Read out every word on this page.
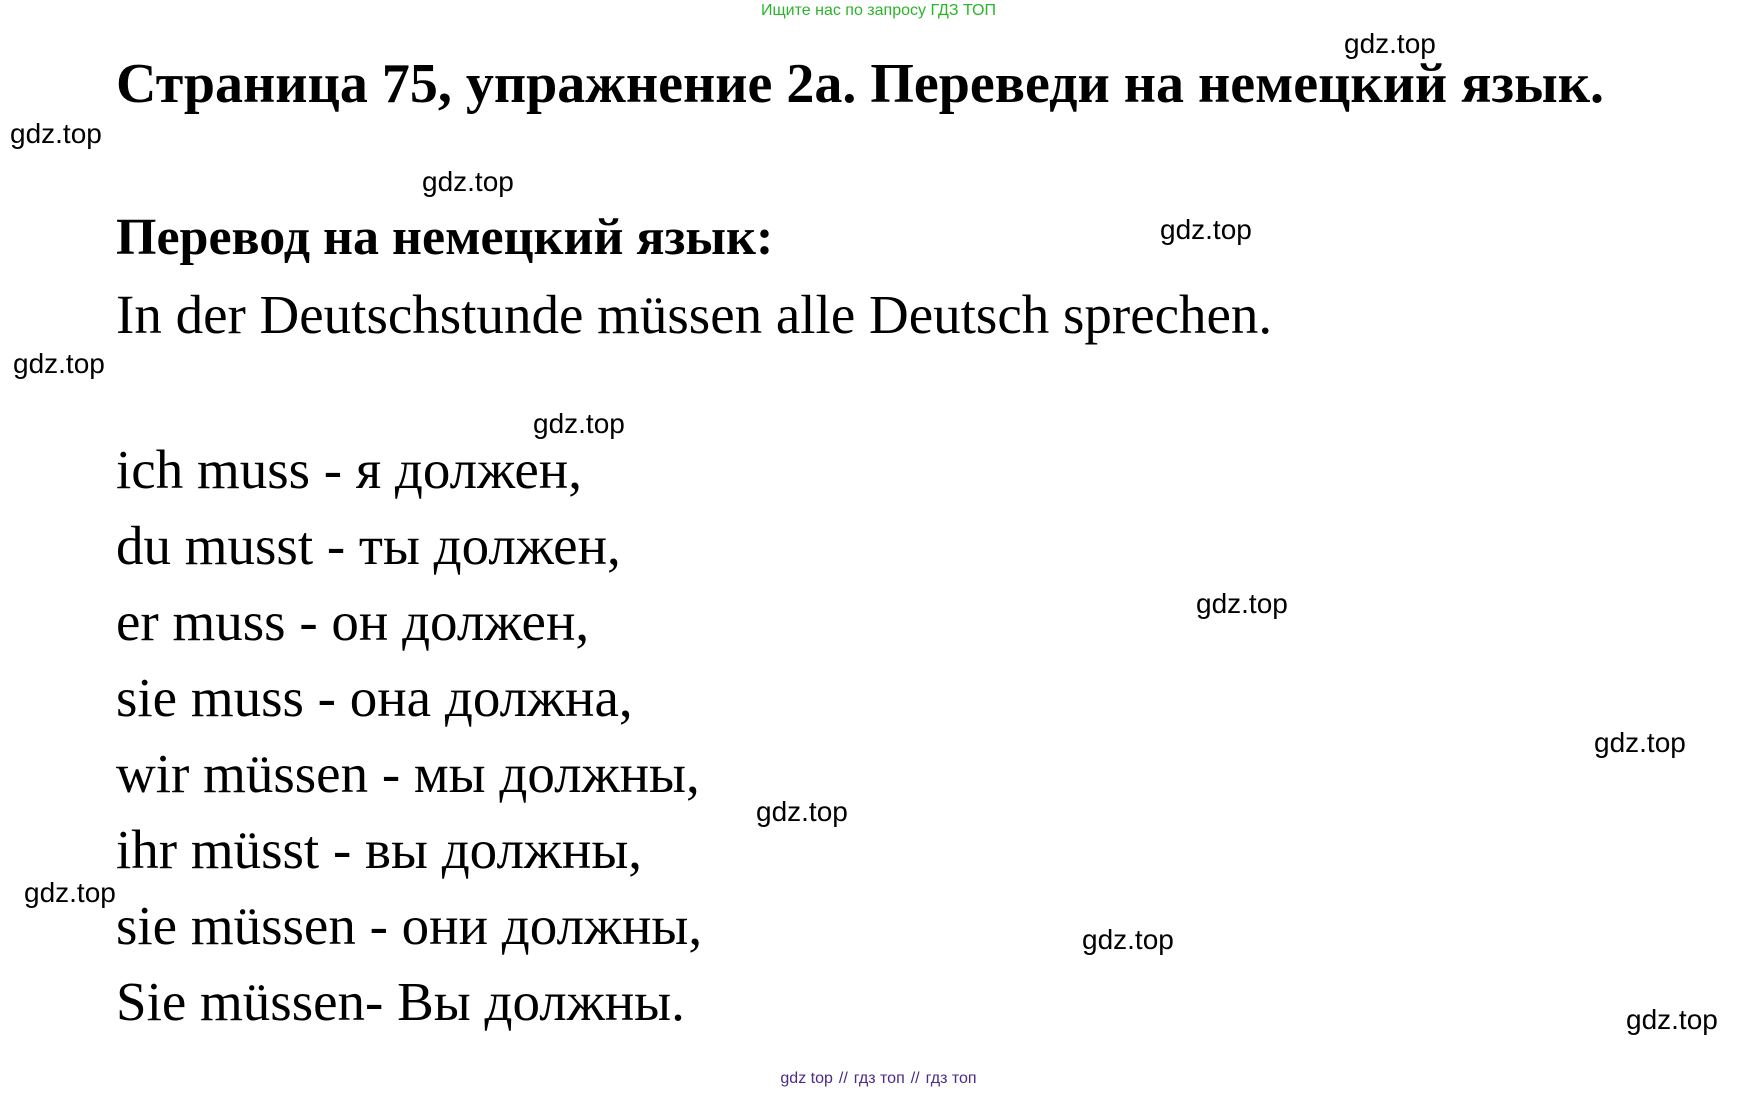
Ищите нас по запросу ГДЗ ТОП
Страница 75, упражнение 2а. Переведи на немецкий язык.
Перевод на немецкий язык:
In der Deutschstunde müssen alle Deutsch sprechen.
ich muss - я должен,
du musst - ты должен,
er muss - он должен,
sie muss - она должна,
wir müssen - мы должны,
ihr müsst - вы должны,
sie müssen - они должны,
Sie müssen- Вы должны.
gdz.top
gdz.top
gdz.top
gdz.top
gdz.top
gdz.top
gdz.top
gdz.top
gdz.top
gdz.top
gdz.top
gdz.top
gdz top // гдз топ // гдз топ
